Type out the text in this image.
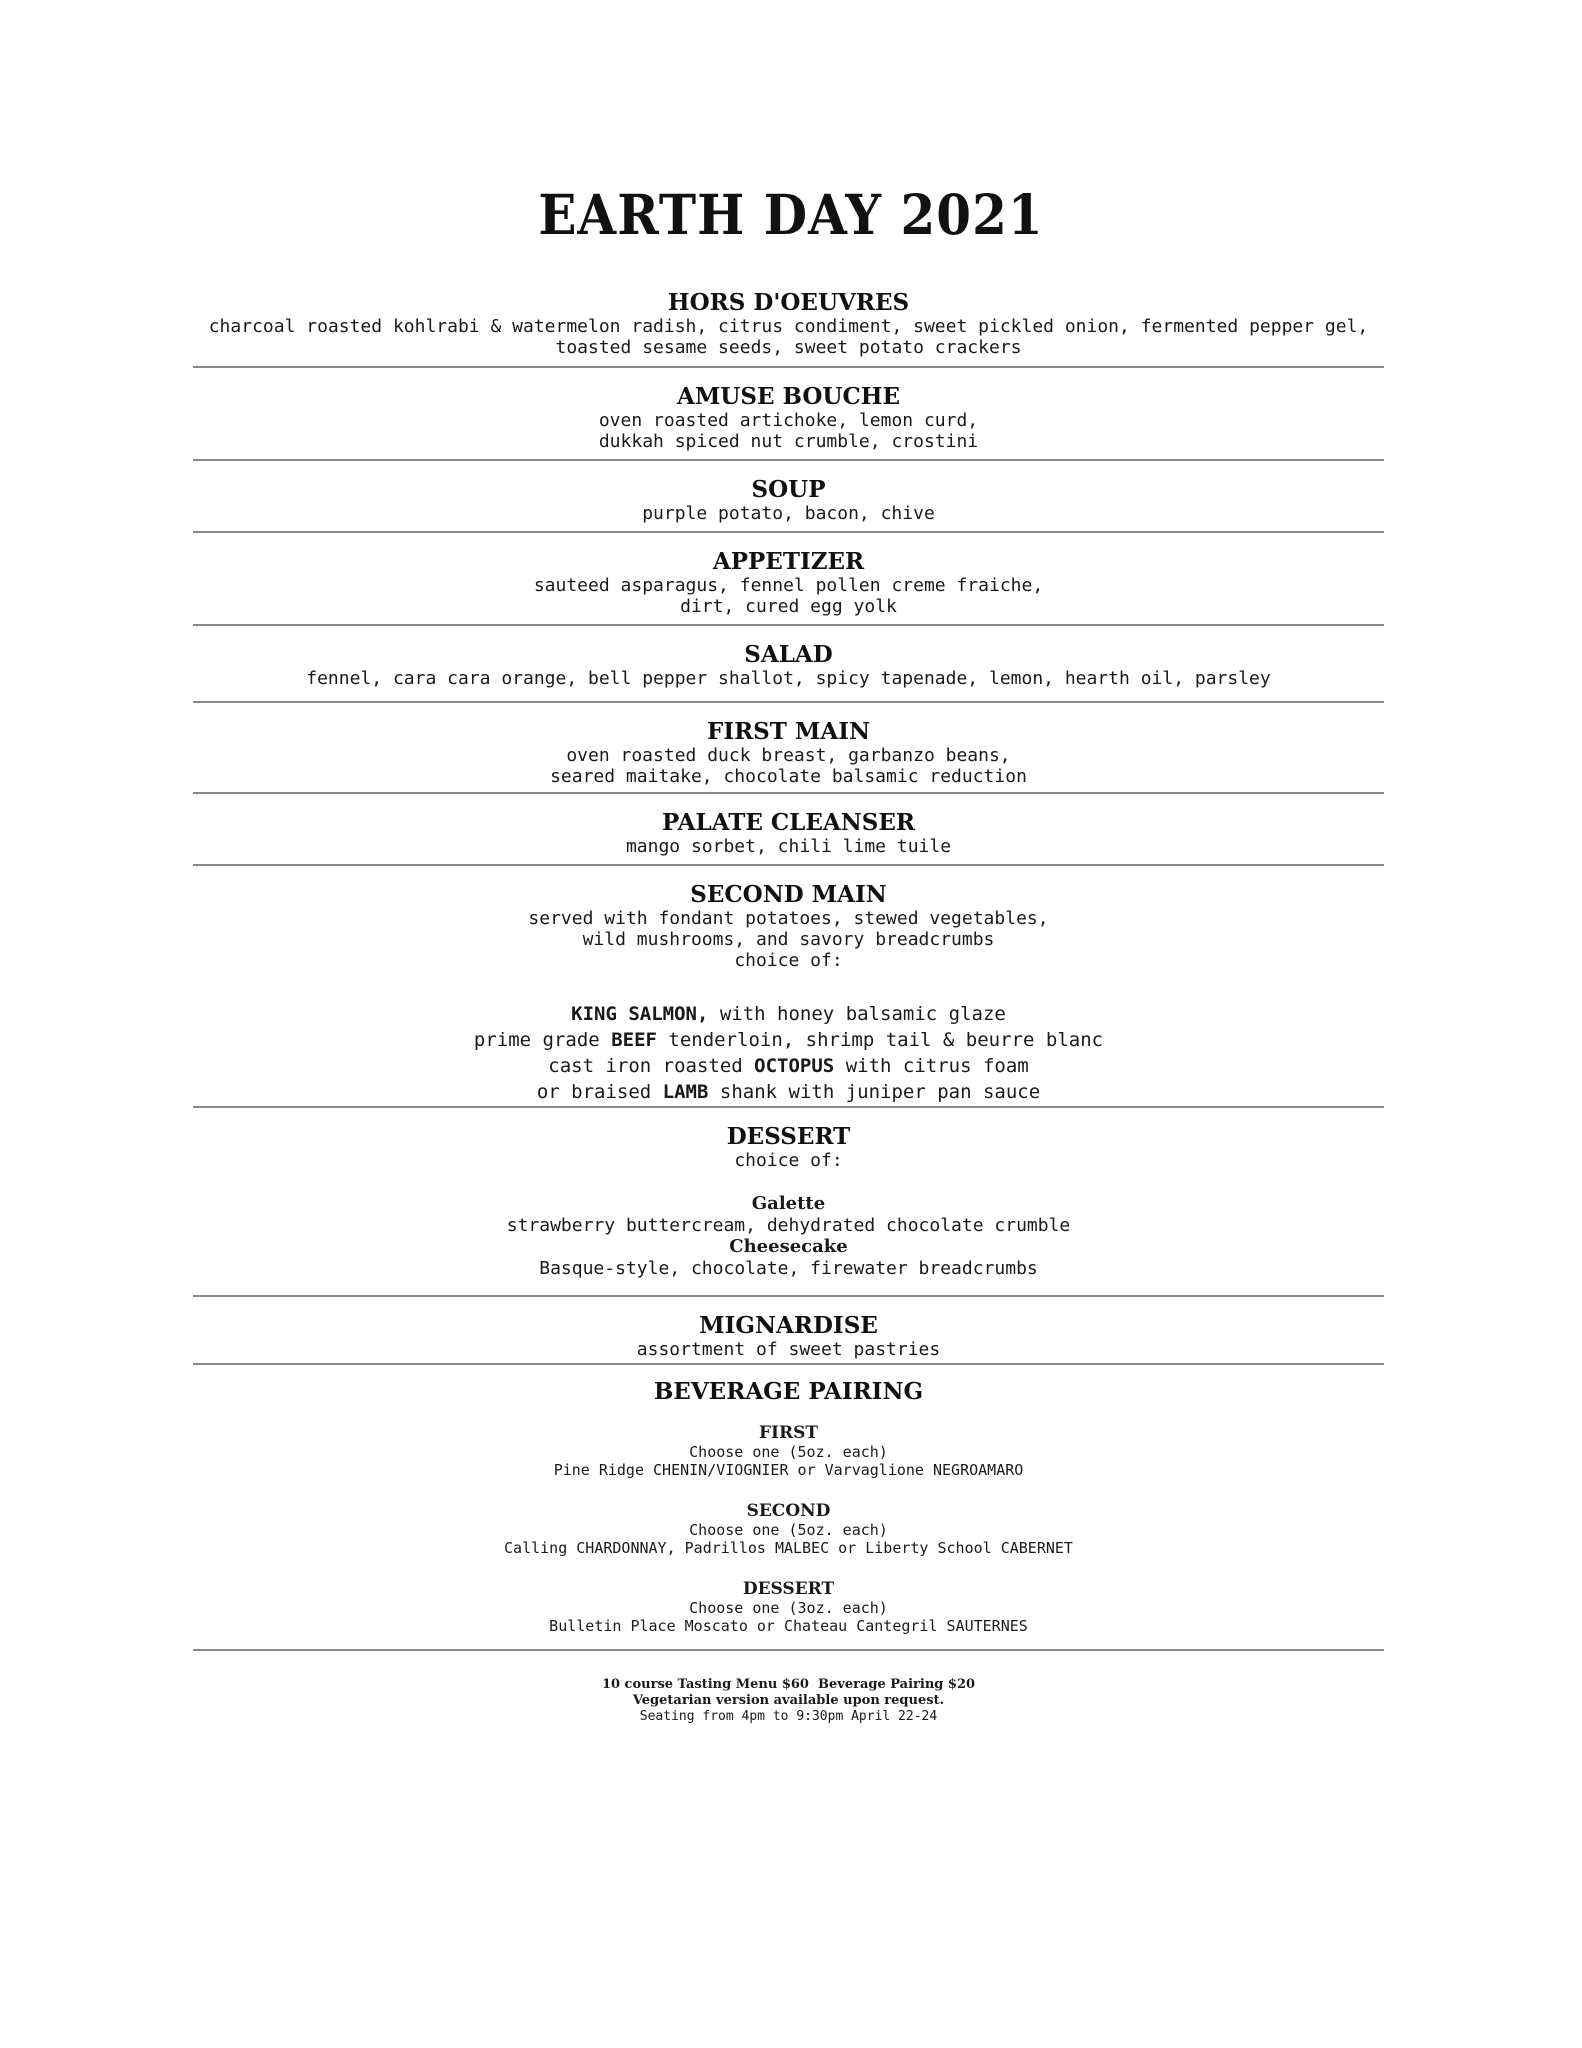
EARTH DAY 2021
HORS D'OEUVRES
charcoal roasted kohlrabi & watermelon radish, citrus condiment, sweet pickled onion, fermented pepper gel,
toasted sesame seeds, sweet potato crackers
AMUSE BOUCHE
oven roasted artichoke, lemon curd,
dukkah spiced nut crumble, crostini
SOUP
purple potato, bacon, chive
APPETIZER
sauteed asparagus, fennel pollen creme fraiche,
dirt, cured egg yolk
SALAD
fennel, cara cara orange, bell pepper shallot, spicy tapenade, lemon, hearth oil, parsley
FIRST MAIN
oven roasted duck breast, garbanzo beans,
seared maitake, chocolate balsamic reduction
PALATE CLEANSER
mango sorbet, chili lime tuile
SECOND MAIN
served with fondant potatoes, stewed vegetables,
wild mushrooms, and savory breadcrumbs
choice of:
KING SALMON, with honey balsamic glaze
prime grade BEEF tenderloin, shrimp tail & beurre blanc
cast iron roasted OCTOPUS with citrus foam
or braised LAMB shank with juniper pan sauce
DESSERT
choice of:
Galette
strawberry buttercream, dehydrated chocolate crumble
Cheesecake
Basque-style, chocolate, firewater breadcrumbs
MIGNARDISE
assortment of sweet pastries
BEVERAGE PAIRING
FIRST
Choose one (5oz. each)
Pine Ridge CHENIN/VIOGNIER or Varvaglione NEGROAMARO
SECOND
Choose one (5oz. each)
Calling CHARDONNAY, Padrillos MALBEC or Liberty School CABERNET
DESSERT
Choose one (3oz. each)
Bulletin Place Moscato or Chateau Cantegril SAUTERNES
10 course Tasting Menu $60  Beverage Pairing $20
Vegetarian version available upon request.
Seating from 4pm to 9:30pm April 22-24
